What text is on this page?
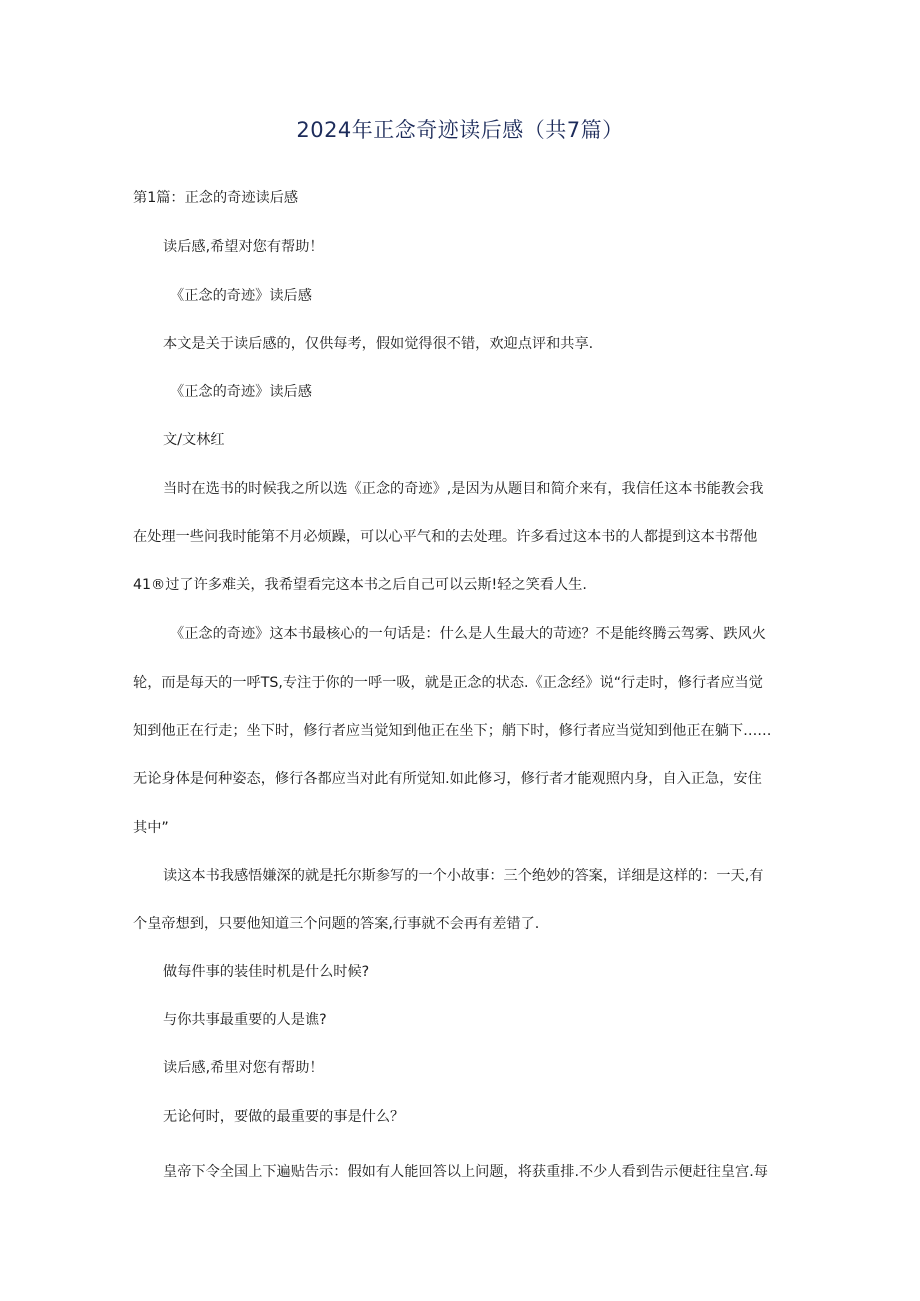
2024年正念奇迹读后感（共7篇）
第1篇：正念的奇迹读后感
读后感,希望对您有帮助！
《正念的奇迹》读后感
本文是关于读后感的，仅供每考，假如觉得很不错，欢迎点评和共享.
《正念的奇迹》读后感
文/文林红
当时在选书的时候我之所以选《正念的奇迹》,是因为从题目和简介来有，我信任这本书能教会我
在处理一些问我时能第不月必烦躁，可以心平气和的去处理。许多看过这本书的人都提到这本书帮他
41®过了许多难关，我希望看完这本书之后自己可以云斯!轻之笑看人生.
《正念的奇迹》这本书最核心的一句话是：什么是人生最大的苛迹？不是能终腾云驾雾、跌风火
轮，而是每天的一呼TS,专注于你的一呼一吸，就是正念的状态.《正念经》说“行走时，修行者应当觉
知到他正在行走；坐下时，修行者应当觉知到他正在坐下；艄下时，修行者应当觉知到他正在躺下……
无论身体是何种姿态，修行各都应当对此有所觉知.如此修习，修行者才能观照内身，自入正急，安住
其中”
读这本书我感悟嫌深的就是托尔斯参写的一个小故事：三个绝妙的答案，详细是这样的：一天,有
个皇帝想到，只要他知道三个问题的答案,行事就不会再有差错了.
做每件事的装佳时机是什么时候?
与你共事最重要的人是谯?
读后感,希里对您有帮助！
无论何时，要做的最重要的事是什么？
皇帝下令全国上下遍贴告示：假如有人能回答以上问题，将获重排.不少人看到告示便赶往皇宫.每
